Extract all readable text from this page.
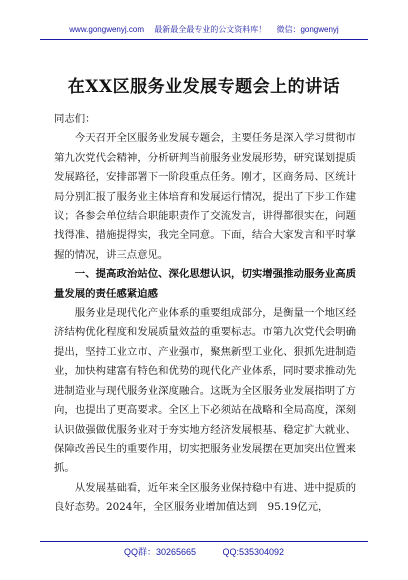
www.gongwenyj.com 最新最全最专业的公文资料库！ 微信：gongwenyj
在XX区服务业发展专题会上的讲话

同志们：

今天召开全区服务业发展专题会，主要任务是深入学习贯彻市第九次党代会精神，分析研判当前服务业发展形势，研究谋划提质发展路径，安排部署下一阶段重点任务。刚才，区商务局、区统计局分别汇报了服务业主体培育和发展运行情况，提出了下步工作建议；各参会单位结合职能职责作了交流发言，讲得都很实在，问题找得准、措施提得实，我完全同意。下面，结合大家发言和平时掌握的情况，讲三点意见。

一、提高政治站位、深化思想认识，切实增强推动服务业高质量发展的责任感紧迫感

服务业是现代化产业体系的重要组成部分，是衡量一个地区经济结构优化程度和发展质量效益的重要标志。市第九次党代会明确提出，坚持工业立市、产业强市，聚焦新型工业化、狠抓先进制造业，加快构建富有特色和优势的现代化产业体系，同时要求推动先进制造业与现代服务业深度融合。这既为全区服务业发展指明了方向，也提出了更高要求。全区上下必须站在战略和全局高度，深刻认识做强做优服务业对于夯实地方经济发展根基、稳定扩大就业、保障改善民生的重要作用，切实把服务业发展摆在更加突出位置来抓。

从发展基础看，近年来全区服务业保持稳中有进、进中提质的良好态势。2024年，全区服务业增加值达到　95.19亿元，

QQ群：30265665	QQ:535304092
